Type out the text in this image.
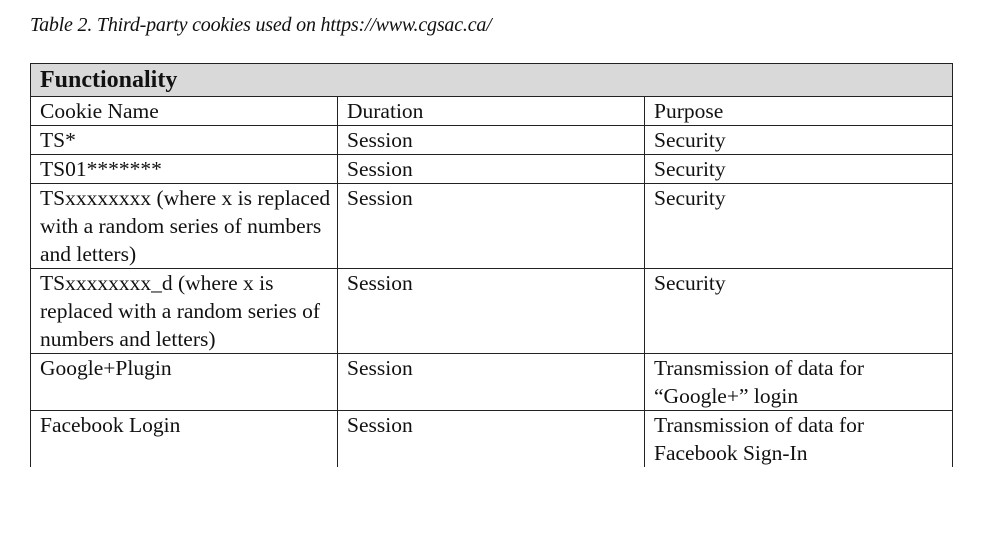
Table 2. Third-party cookies used on https://www.cgsac.ca/
Functionality		
Cookie Name	Duration	Purpose
TS*	Session	Security
TS01*******	Session	Security
TSxxxxxxxx (where x is replaced with a random series of numbers and letters)	Session	Security
TSxxxxxxxx_d (where x is replaced with a random series of numbers and letters)	Session	Security
Google+Plugin	Session	Transmission of data for “Google+” login
Facebook Login	Session	Transmission of data for Facebook Sign-In
